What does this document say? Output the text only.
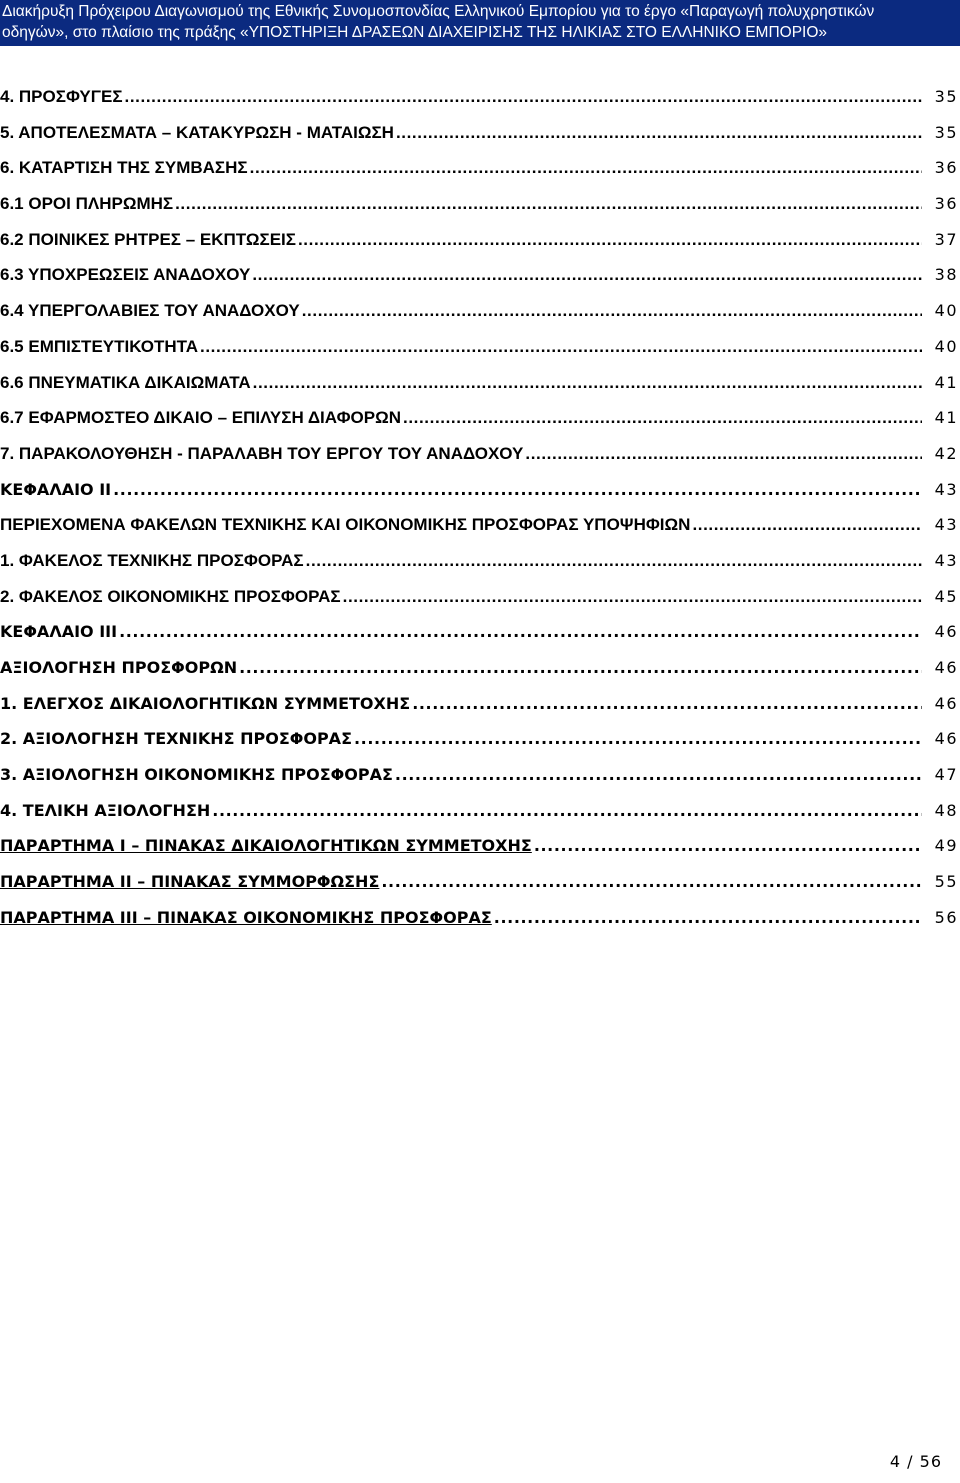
Διακήρυξη Πρόχειρου Διαγωνισμού της Εθνικής Συνομοσπονδίας Ελληνικού Εμπορίου για το έργο «Παραγωγή πολυχρηστικών
οδηγών», στο πλαίσιο της πράξης «ΥΠΟΣΤΗΡΙΞΗ ΔΡΑΣΕΩΝ ΔΙΑΧΕΙΡΙΣΗΣ ΤΗΣ ΗΛΙΚΙΑΣ ΣΤΟ ΕΛΛΗΝΙΚΟ ΕΜΠΟΡΙΟ»
4. ΠΡΟΣΦΥΓΕΣ .....	35
5. ΑΠΟΤΕΛΕΣΜΑΤΑ – ΚΑΤΑΚΥΡΩΣΗ - ΜΑΤΑΙΩΣΗ .....	35
6. ΚΑΤΑΡΤΙΣΗ ΤΗΣ ΣΥΜΒΑΣΗΣ .....	36
6.1 ΟΡΟΙ ΠΛΗΡΩΜΗΣ .....	36
6.2 ΠΟΙΝΙΚΕΣ ΡΗΤΡΕΣ – ΕΚΠΤΩΣΕΙΣ .....	37
6.3 ΥΠΟΧΡΕΩΣΕΙΣ ΑΝΑΔΟΧΟΥ .....	38
6.4 ΥΠΕΡΓΟΛΑΒΙΕΣ ΤΟΥ ΑΝΑΔΟΧΟΥ .....	40
6.5 ΕΜΠΙΣΤΕΥΤΙΚΟΤΗΤΑ .....	40
6.6 ΠΝΕΥΜΑΤΙΚΑ ΔΙΚΑΙΩΜΑΤΑ .....	41
6.7 ΕΦΑΡΜΟΣΤΕΟ ΔΙΚΑΙΟ – ΕΠΙΛΥΣΗ ΔΙΑΦΟΡΩΝ .....	41
7. ΠΑΡΑΚΟΛΟΥΘΗΣΗ - ΠΑΡΑΛΑΒΗ ΤΟΥ ΕΡΓΟΥ ΤΟΥ ΑΝΑΔΟΧΟΥ .....	42
ΚΕΦΑΛΑΙΟ ΙΙ .....	43
ΠΕΡΙΕΧΟΜΕΝΑ ΦΑΚΕΛΩΝ ΤΕΧΝΙΚΗΣ ΚΑΙ ΟΙΚΟΝΟΜΙΚΗΣ ΠΡΟΣΦΟΡΑΣ ΥΠΟΨΗΦΙΩΝ .....	43
1. ΦΑΚΕΛΟΣ ΤΕΧΝΙΚΗΣ ΠΡΟΣΦΟΡΑΣ .....	43
2. ΦΑΚΕΛΟΣ ΟΙΚΟΝΟΜΙΚΗΣ ΠΡΟΣΦΟΡΑΣ .....	45
ΚΕΦΑΛΑΙΟ ΙΙΙ .....	46
ΑΞΙΟΛΟΓΗΣΗ ΠΡΟΣΦΟΡΩΝ .....	46
1. ΕΛΕΓΧΟΣ ΔΙΚΑΙΟΛΟΓΗΤΙΚΩΝ ΣΥΜΜΕΤΟΧΗΣ .....	46
2. ΑΞΙΟΛΟΓΗΣΗ ΤΕΧΝΙΚΗΣ ΠΡΟΣΦΟΡΑΣ .....	46
3. ΑΞΙΟΛΟΓΗΣΗ ΟΙΚΟΝΟΜΙΚΗΣ ΠΡΟΣΦΟΡΑΣ .....	47
4. ΤΕΛΙΚΗ ΑΞΙΟΛΟΓΗΣΗ .....	48
ΠΑΡΑΡΤΗΜΑ Ι – ΠΙΝΑΚΑΣ ΔΙΚΑΙΟΛΟΓΗΤΙΚΩΝ ΣΥΜΜΕΤΟΧΗΣ .....	49
ΠΑΡΑΡΤΗΜΑ ΙΙ – ΠΙΝΑΚΑΣ ΣΥΜΜΟΡΦΩΣΗΣ .....	55
ΠΑΡΑΡΤΗΜΑ ΙΙΙ – ΠΙΝΑΚΑΣ ΟΙΚΟΝΟΜΙΚΗΣ ΠΡΟΣΦΟΡΑΣ .....	56
4 / 56
